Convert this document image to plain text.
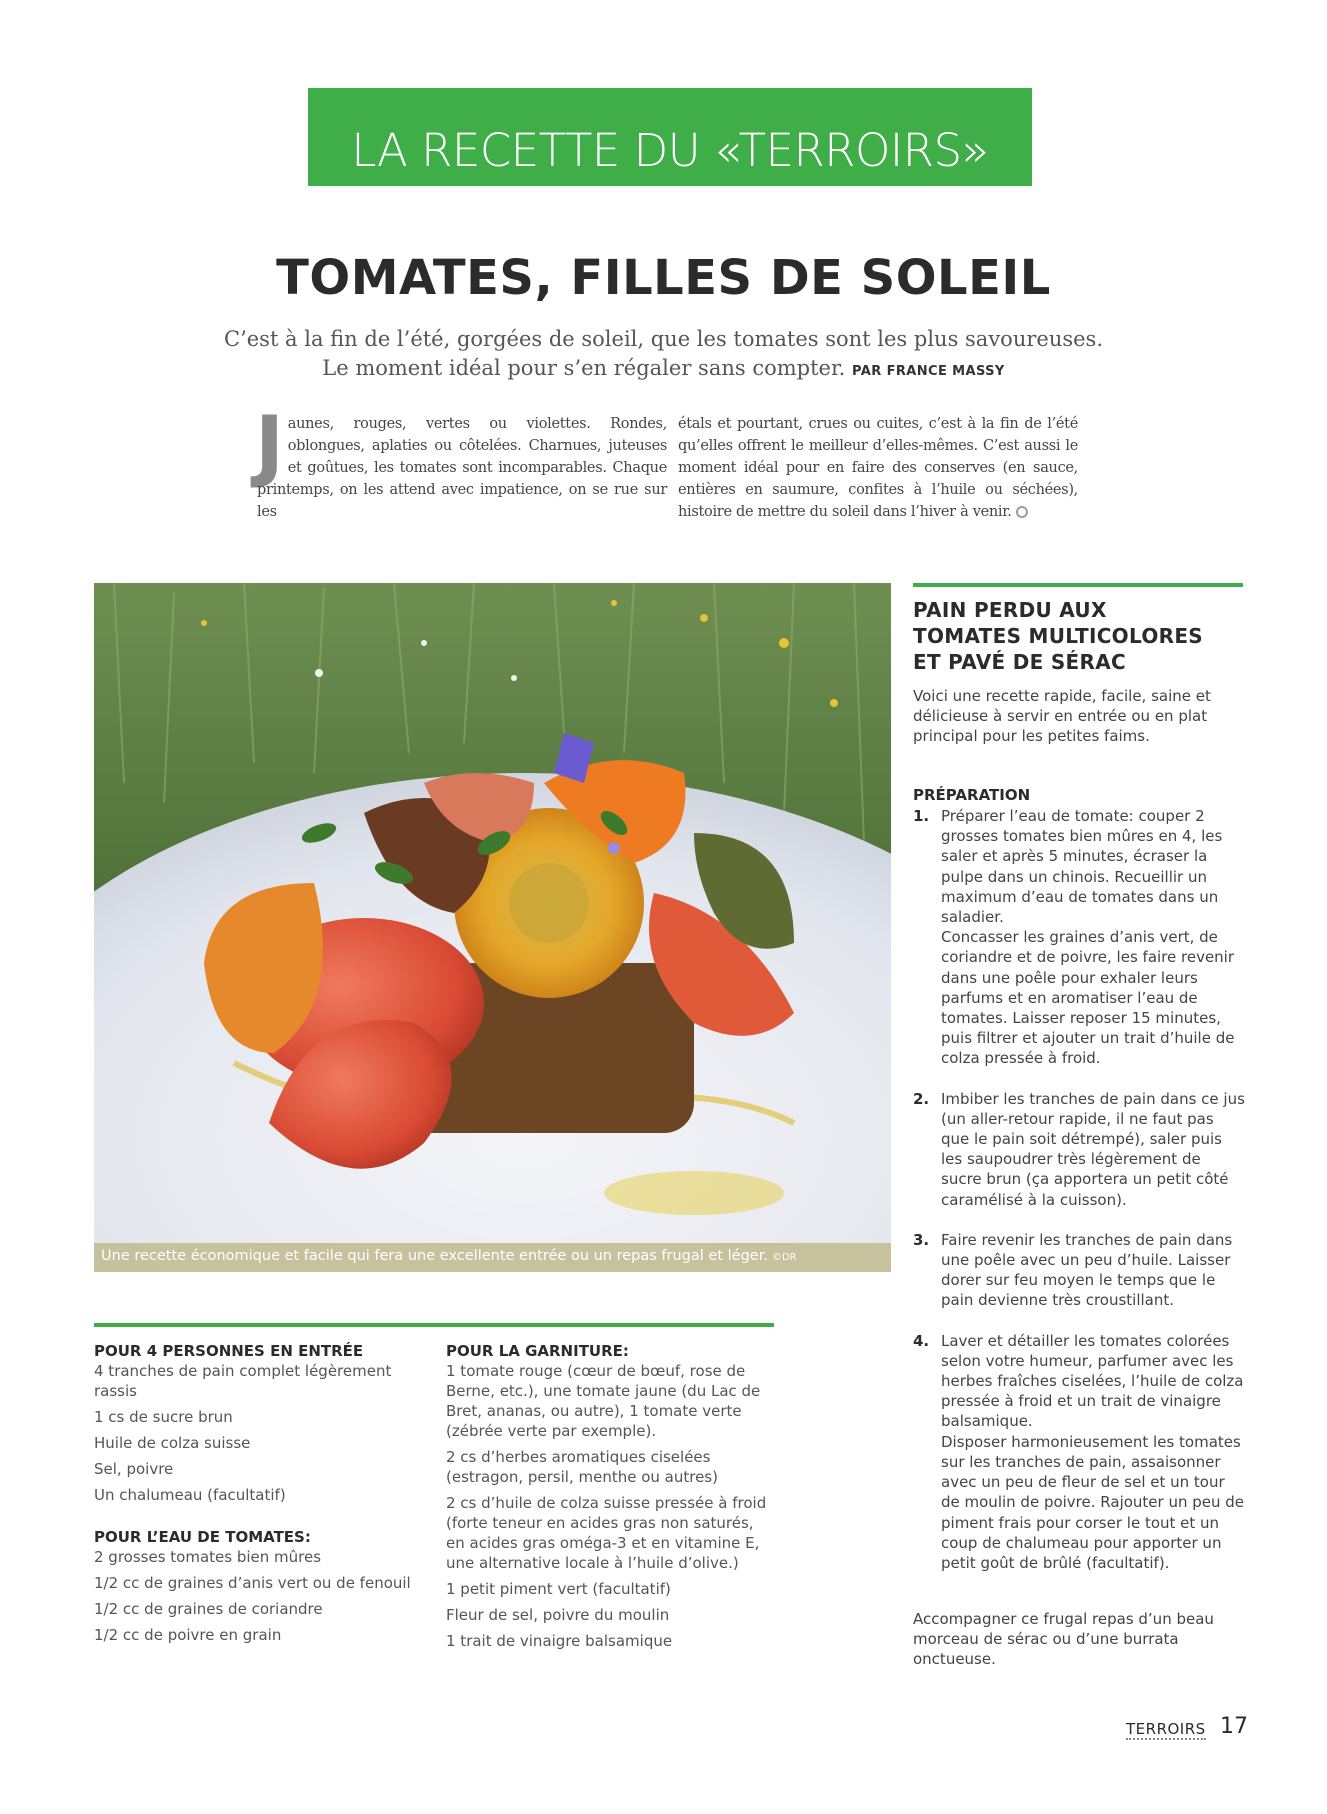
LA RECETTE DU «TERROIRS»
TOMATES, FILLES DE SOLEIL
C’est à la fin de l’été, gorgées de soleil, que les tomates sont les plus savoureuses.
Le moment idéal pour s’en régaler sans compter. PAR FRANCE MASSY
Jaunes, rouges, vertes ou violettes. Rondes, oblongues, aplaties ou côtelées. Charnues, juteuses et goûtues, les tomates sont incomparables. Chaque printemps, on les attend avec impatience, on se rue sur les
étals et pourtant, crues ou cuites, c’est à la fin de l’été qu’elles offrent le meilleur d’elles-mêmes. C’est aussi le moment idéal pour en faire des conserves (en sauce, entières en saumure, confites à l’huile ou séchées), histoire de mettre du soleil dans l’hiver à venir.
Une recette économique et facile qui fera une excellente entrée ou un repas frugal et léger. ©DR
PAIN PERDU AUX
TOMATES MULTICOLORES
ET PAVÉ DE SÉRAC
Voici une recette rapide, facile, saine et délicieuse à servir en entrée ou en plat principal pour les petites faims.
PRÉPARATION
1. Préparer l’eau de tomate: couper 2 grosses tomates bien mûres en 4, les saler et après 5 minutes, écraser la pulpe dans un chinois. Recueillir un maximum d’eau de tomates dans un saladier.
Concasser les graines d’anis vert, de coriandre et de poivre, les faire revenir dans une poêle pour exhaler leurs parfums et en aromatiser l’eau de tomates. Laisser reposer 15 minutes, puis filtrer et ajouter un trait d’huile de colza pressée à froid.
2. Imbiber les tranches de pain dans ce jus (un aller-retour rapide, il ne faut pas que le pain soit détrempé), saler puis les saupoudrer très légèrement de sucre brun (ça apportera un petit côté caramélisé à la cuisson).
3. Faire revenir les tranches de pain dans une poêle avec un peu d’huile. Laisser dorer sur feu moyen le temps que le pain devienne très croustillant.
4. Laver et détailler les tomates colorées selon votre humeur, parfumer avec les herbes fraîches ciselées, l’huile de colza pressée à froid et un trait de vinaigre balsamique.
Disposer harmonieusement les tomates sur les tranches de pain, assaisonner avec un peu de fleur de sel et un tour de moulin de poivre. Rajouter un peu de piment frais pour corser le tout et un coup de chalumeau pour apporter un petit goût de brûlé (facultatif).
Accompagner ce frugal repas d’un beau morceau de sérac ou d’une burrata onctueuse.
POUR 4 PERSONNES EN ENTRÉE
4 tranches de pain complet légèrement rassis
1 cs de sucre brun
Huile de colza suisse
Sel, poivre
Un chalumeau (facultatif)
POUR L’EAU DE TOMATES:
2 grosses tomates bien mûres
1/2 cc de graines d’anis vert ou de fenouil
1/2 cc de graines de coriandre
1/2 cc de poivre en grain
POUR LA GARNITURE:
1 tomate rouge (cœur de bœuf, rose de Berne, etc.), une tomate jaune (du Lac de Bret, ananas, ou autre), 1 tomate verte (zébrée verte par exemple).
2 cs d’herbes aromatiques ciselées (estragon, persil, menthe ou autres)
2 cs d’huile de colza suisse pressée à froid (forte teneur en acides gras non saturés, en acides gras oméga-3 et en vitamine E, une alternative locale à l’huile d’olive.)
1 petit piment vert (facultatif)
Fleur de sel, poivre du moulin
1 trait de vinaigre balsamique
TERROIRS 17
